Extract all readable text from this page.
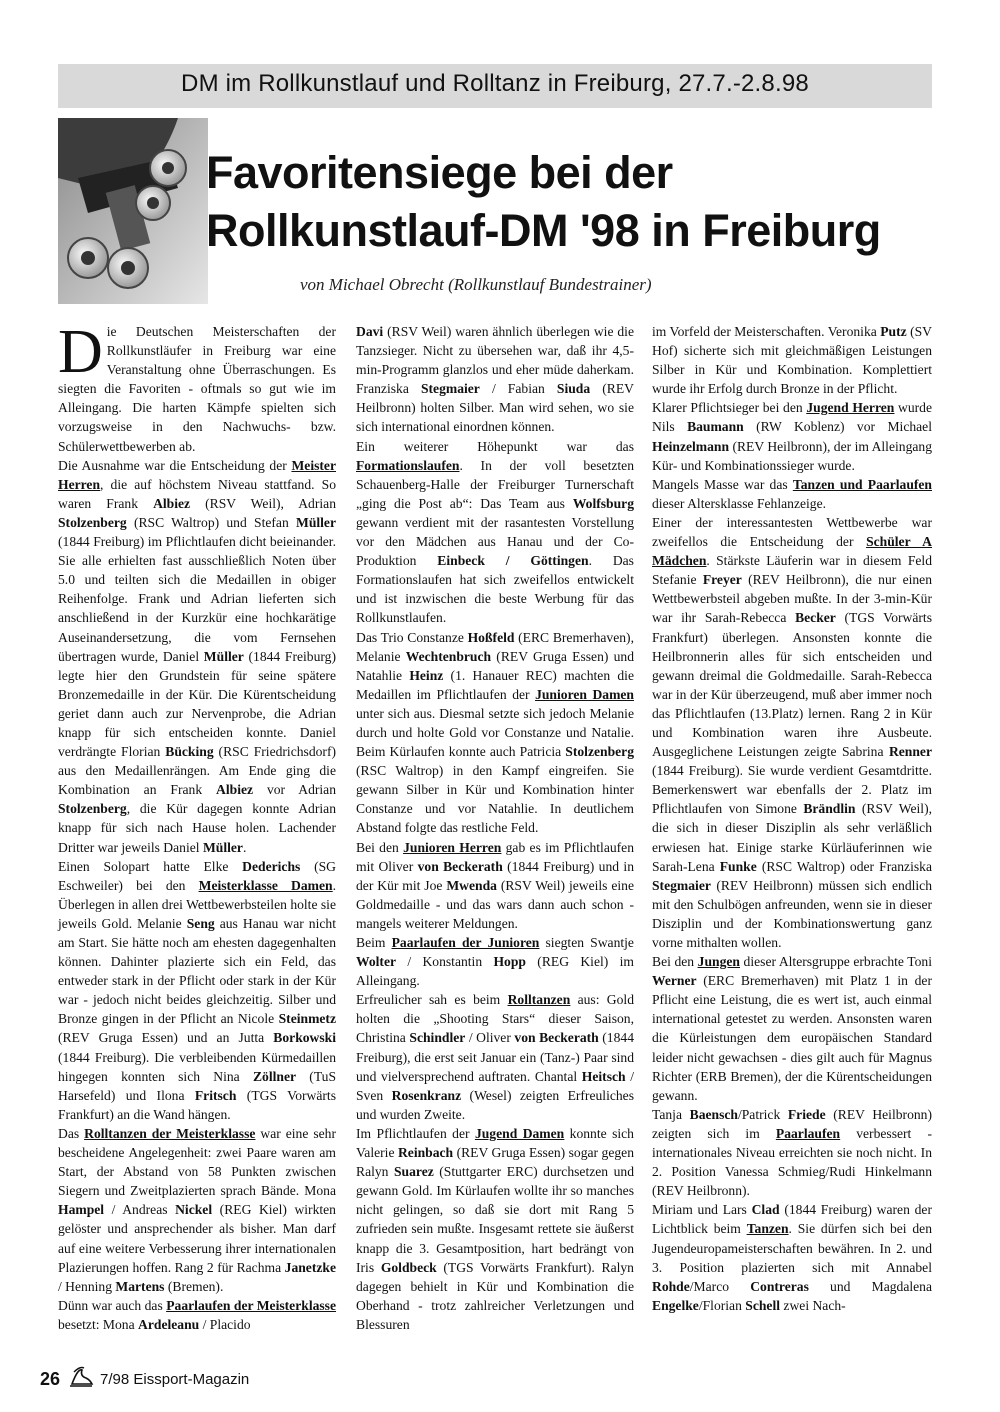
DM im Rollkunstlauf und Rolltanz in Freiburg, 27.7.-2.8.98
Favoritensiege bei der
Rollkunstlauf-DM '98 in Freiburg
von Michael Obrecht (Rollkunstlauf Bundestrainer)

Die Deutschen Meisterschaften der Rollkunstläufer in Freiburg war eine Veranstaltung ohne Überraschungen. Es siegten die Favoriten - oftmals so gut wie im Alleingang. Die harten Kämpfe spielten sich vorzugsweise in den Nachwuchs- bzw. Schülerwettbewerben ab.

Die Ausnahme war die Entscheidung der Meister Herren, die auf höchstem Niveau stattfand. So waren Frank Albiez (RSV Weil), Adrian Stolzenberg (RSC Waltrop) und Stefan Müller (1844 Freiburg) im Pflichtlaufen dicht beieinander. Sie alle erhielten fast ausschließlich Noten über 5.0 und teilten sich die Medaillen in obiger Reihenfolge. Frank und Adrian lieferten sich anschließend in der Kurzkür eine hochkarätige Auseinandersetzung, die vom Fernsehen übertragen wurde, Daniel Müller (1844 Freiburg) legte hier den Grundstein für seine spätere Bronzemedaille in der Kür. Die Kürentscheidung geriet dann auch zur Nervenprobe, die Adrian knapp für sich entscheiden konnte. Daniel verdrängte Florian Bücking (RSC Friedrichsdorf) aus den Medaillenrängen. Am Ende ging die Kombination an Frank Albiez vor Adrian Stolzenberg, die Kür dagegen konnte Adrian knapp für sich nach Hause holen. Lachender Dritter war jeweils Daniel Müller.

Einen Solopart hatte Elke Dederichs (SG Eschweiler) bei den Meisterklasse Damen. Überlegen in allen drei Wettbewerbsteilen holte sie jeweils Gold. Melanie Seng aus Hanau war nicht am Start. Sie hätte noch am ehesten dagegenhalten können. Dahinter plazierte sich ein Feld, das entweder stark in der Pflicht oder stark in der Kür war - jedoch nicht beides gleichzeitig. Silber und Bronze gingen in der Pflicht an Nicole Steinmetz (REV Gruga Essen) und an Jutta Borkowski (1844 Freiburg). Die verbleibenden Kürmedaillen hingegen konnten sich Nina Zöllner (TuS Harsefeld) und Ilona Fritsch (TGS Vorwärts Frankfurt) an die Wand hängen.

Das Rolltanzen der Meisterklasse war eine sehr bescheidene Angelegenheit: zwei Paare waren am Start, der Abstand von 58 Punkten zwischen Siegern und Zweitplazierten sprach Bände. Mona Hampel / Andreas Nickel (REG Kiel) wirkten gelöster und ansprechender als bisher. Man darf auf eine weitere Verbesserung ihrer internationalen Plazierungen hoffen. Rang 2 für Rachma Janetzke / Henning Martens (Bremen).

Dünn war auch das Paarlaufen der Meisterklasse besetzt: Mona Ardeleanu / Placido

Davi (RSV Weil) waren ähnlich überlegen wie die Tanzsieger. Nicht zu übersehen war, daß ihr 4,5-min-Programm glanzlos und eher müde daherkam. Franziska Stegmaier / Fabian Siuda (REV Heilbronn) holten Silber. Man wird sehen, wo sie sich international einordnen können.

Ein weiterer Höhepunkt war das Formationslaufen. In der voll besetzten Schauenberg-Halle der Freiburger Turnerschaft „ging die Post ab“: Das Team aus Wolfsburg gewann verdient mit der rasantesten Vorstellung vor den Mädchen aus Hanau und der Co-Produktion Einbeck / Göttingen. Das Formationslaufen hat sich zweifellos entwickelt und ist inzwischen die beste Werbung für das Rollkunstlaufen.

Das Trio Constanze Hoßfeld (ERC Bremerhaven), Melanie Wechtenbruch (REV Gruga Essen) und Natahlie Heinz (1. Hanauer REC) machten die Medaillen im Pflichtlaufen der Junioren Damen unter sich aus. Diesmal setzte sich jedoch Melanie durch und holte Gold vor Constanze und Natalie. Beim Kürlaufen konnte auch Patricia Stolzenberg (RSC Waltrop) in den Kampf eingreifen. Sie gewann Silber in Kür und Kombination hinter Constanze und vor Natahlie. In deutlichem Abstand folgte das restliche Feld.

Bei den Junioren Herren gab es im Pflichtlaufen mit Oliver von Beckerath (1844 Freiburg) und in der Kür mit Joe Mwenda (RSV Weil) jeweils eine Goldmedaille - und das wars dann auch schon - mangels weiterer Meldungen.

Beim Paarlaufen der Junioren siegten Swantje Wolter / Konstantin Hopp (REG Kiel) im Alleingang.

Erfreulicher sah es beim Rolltanzen aus: Gold holten die „Shooting Stars“ dieser Saison, Christina Schindler / Oliver von Beckerath (1844 Freiburg), die erst seit Januar ein (Tanz-) Paar sind und vielversprechend auftraten. Chantal Heitsch / Sven Rosenkranz (Wesel) zeigten Erfreuliches und wurden Zweite.

Im Pflichtlaufen der Jugend Damen konnte sich Valerie Reinbach (REV Gruga Essen) sogar gegen Ralyn Suarez (Stuttgarter ERC) durchsetzen und gewann Gold. Im Kürlaufen wollte ihr so manches nicht gelingen, so daß sie dort mit Rang 5 zufrieden sein mußte. Insgesamt rettete sie äußerst knapp die 3. Gesamtposition, hart bedrängt von Iris Goldbeck (TGS Vorwärts Frankfurt). Ralyn dagegen behielt in Kür und Kombination die Oberhand - trotz zahlreicher Verletzungen und Blessuren

im Vorfeld der Meisterschaften. Veronika Putz (SV Hof) sicherte sich mit gleichmäßigen Leistungen Silber in Kür und Kombination. Komplettiert wurde ihr Erfolg durch Bronze in der Pflicht.

Klarer Pflichtsieger bei den Jugend Herren wurde Nils Baumann (RW Koblenz) vor Michael Heinzelmann (REV Heilbronn), der im Alleingang Kür- und Kombinationssieger wurde.

Mangels Masse war das Tanzen und Paarlaufen dieser Altersklasse Fehlanzeige.

Einer der interessantesten Wettbewerbe war zweifellos die Entscheidung der Schüler A Mädchen. Stärkste Läuferin war in diesem Feld Stefanie Freyer (REV Heilbronn), die nur einen Wettbewerbsteil abgeben mußte. In der 3-min-Kür war ihr Sarah-Rebecca Becker (TGS Vorwärts Frankfurt) überlegen. Ansonsten konnte die Heilbronnerin alles für sich entscheiden und gewann dreimal die Goldmedaille. Sarah-Rebecca war in der Kür überzeugend, muß aber immer noch das Pflichtlaufen (13.Platz) lernen. Rang 2 in Kür und Kombination waren ihre Ausbeute. Ausgeglichene Leistungen zeigte Sabrina Renner (1844 Freiburg). Sie wurde verdient Gesamtdritte. Bemerkenswert war ebenfalls der 2. Platz im Pflichtlaufen von Simone Brändlin (RSV Weil), die sich in dieser Disziplin als sehr verläßlich erwiesen hat. Einige starke Kürläuferinnen wie Sarah-Lena Funke (RSC Waltrop) oder Franziska Stegmaier (REV Heilbronn) müssen sich endlich mit den Schulbögen anfreunden, wenn sie in dieser Disziplin und der Kombinationswertung ganz vorne mithalten wollen.

Bei den Jungen dieser Altersgruppe erbrachte Toni Werner (ERC Bremerhaven) mit Platz 1 in der Pflicht eine Leistung, die es wert ist, auch einmal international getestet zu werden. Ansonsten waren die Kürleistungen dem europäischen Standard leider nicht gewachsen - dies gilt auch für Magnus Richter (ERB Bremen), der die Kürentscheidungen gewann.

Tanja Baensch/Patrick Friede (REV Heilbronn) zeigten sich im Paarlaufen verbessert - internationales Niveau erreichten sie noch nicht. In 2. Position Vanessa Schmieg/Rudi Hinkelmann (REV Heilbronn).

Miriam und Lars Clad (1844 Freiburg) waren der Lichtblick beim Tanzen. Sie dürfen sich bei den Jugendeuropameisterschaften bewähren. In 2. und 3. Position plazierten sich mit Annabel Rohde/Marco Contreras und Magdalena Engelke/Florian Schell zwei Nach-

26	7/98 Eissport-Magazin
